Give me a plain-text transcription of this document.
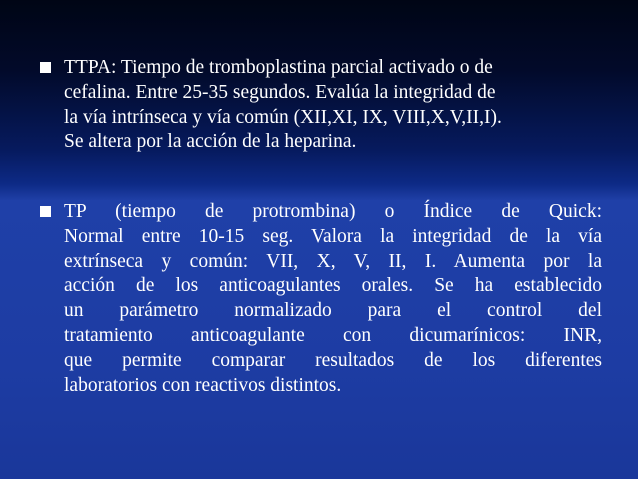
TTPA: Tiempo de tromboplastina parcial activado o de
cefalina. Entre 25-35 segundos. Evalúa la integridad de
la vía intrínseca y vía común (XII,XI, IX, VIII,X,V,II,I).
Se altera por la acción de la heparina.
TP (tiempo de protrombina) o Índice de Quick:
Normal entre 10-15 seg. Valora la integridad de la vía
extrínseca y común: VII, X, V, II, I. Aumenta por la
acción de los anticoagulantes orales. Se ha establecido
un parámetro normalizado para el control del
tratamiento anticoagulante con dicumarínicos: INR,
que permite comparar resultados de los diferentes
laboratorios con reactivos distintos.
